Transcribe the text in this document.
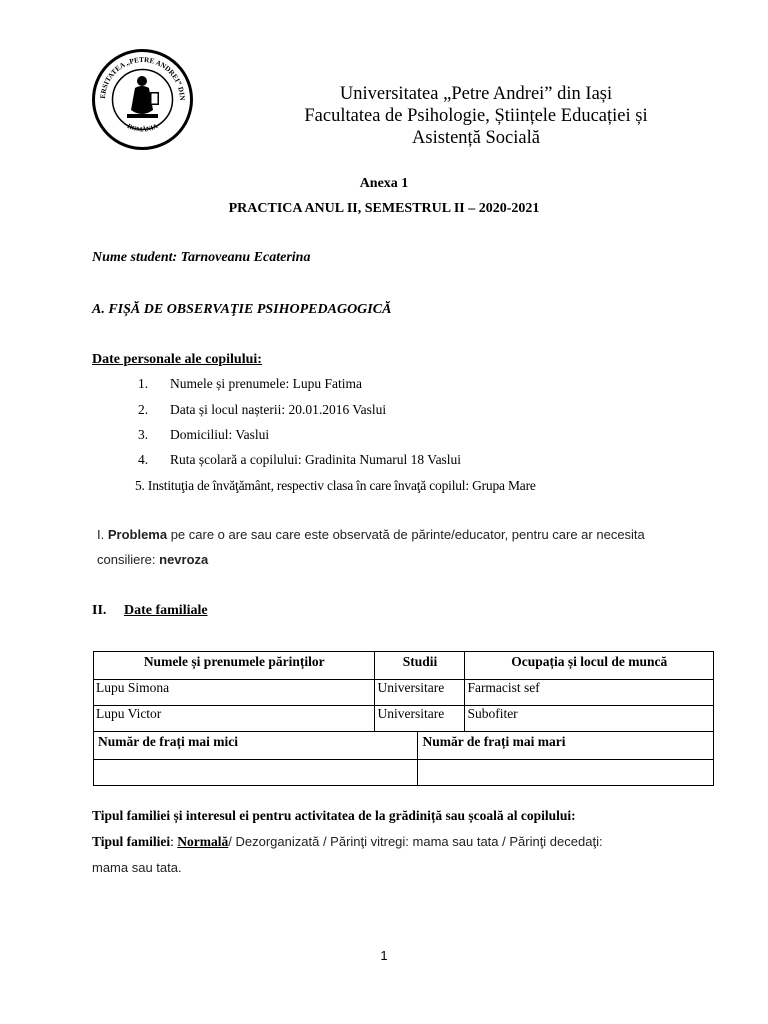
ERSITATEA „PETRE ANDREI” DIN
ROMÂNIA
Universitatea „Petre Andrei” din Iași
Facultatea de Psihologie, Științele Educației și
Asistență Socială
Anexa 1
PRACTICA ANUL II, SEMESTRUL II – 2020-2021
Nume student: Tarnoveanu Ecaterina
A. FIȘĂ DE OBSERVAŢIE PSIHOPEDAGOGICĂ
Date personale ale copilului:
1. Numele și prenumele: Lupu Fatima
2. Data și locul nașterii: 20.01.2016 Vaslui
3. Domiciliul: Vaslui
4. Ruta școlară a copilului: Gradinita Numarul 18 Vaslui
5. Instituţia de învăţământ, respectiv clasa în care învaţă copilul: Grupa Mare
I. Problema pe care o are sau care este observată de părinte/educator, pentru care ar necesita
consiliere: nevroza
II. Date familiale
Numele și prenumele părinților	Studii	Ocupația și locul de muncă
Lupu Simona	Universitare	Farmacist sef
Lupu Victor	Universitare	Subofiter
Număr de frați mai mici	Număr de frați mai mari

Tipul familiei și interesul ei pentru activitatea de la grădiniță sau școală al copilului:
Tipul familiei: Normală/ Dezorganizată / Părinţi vitregi: mama sau tata / Părinţi decedaţi:
mama sau tata.
1
